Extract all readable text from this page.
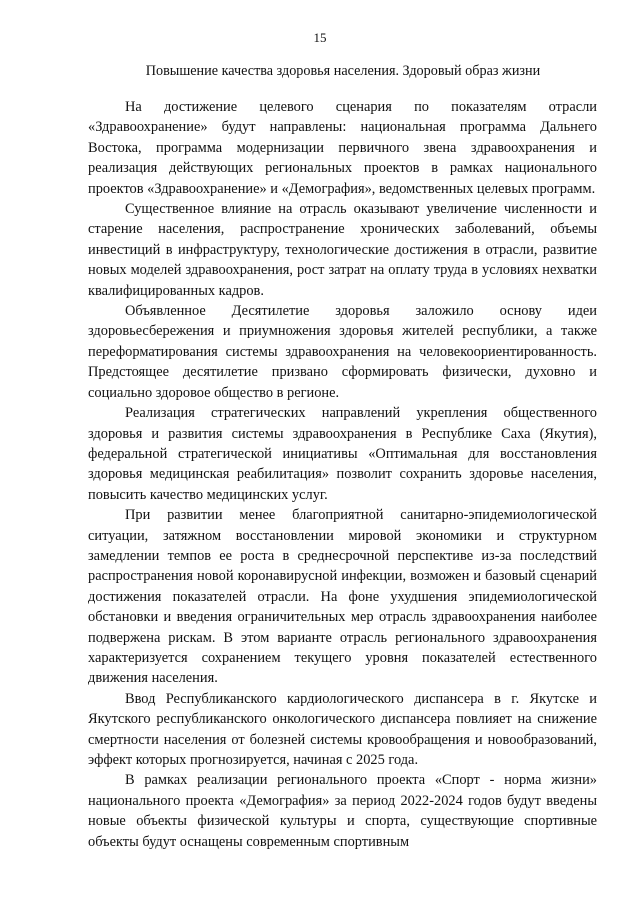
15
Повышение качества здоровья населения. Здоровый образ жизни

На достижение целевого сценария по показателям отрасли «Здравоохранение» будут направлены: национальная программа Дальнего Востока, программа модернизации первичного звена здравоохранения и реализация действующих региональных проектов в рамках национального проектов «Здравоохранение» и «Демография», ведомственных целевых программ.

Существенное влияние на отрасль оказывают увеличение численности и старение населения, распространение хронических заболеваний, объемы инвестиций в инфраструктуру, технологические достижения в отрасли, развитие новых моделей здравоохранения, рост затрат на оплату труда в условиях нехватки квалифицированных кадров.

Объявленное Десятилетие здоровья заложило основу идеи здоровьесбережения и приумножения здоровья жителей республики, а также переформатирования системы здравоохранения на человекоориентированность. Предстоящее десятилетие призвано сформировать физически, духовно и социально здоровое общество в регионе.

Реализация стратегических направлений укрепления общественного здоровья и развития системы здравоохранения в Республике Саха (Якутия), федеральной стратегической инициативы «Оптимальная для восстановления здоровья медицинская реабилитация» позволит сохранить здоровье населения, повысить качество медицинских услуг.

При развитии менее благоприятной санитарно-эпидемиологической ситуации, затяжном восстановлении мировой экономики и структурном замедлении темпов ее роста в среднесрочной перспективе из-за последствий распространения новой коронавирусной инфекции, возможен и базовый сценарий достижения показателей отрасли. На фоне ухудшения эпидемиологической обстановки и введения ограничительных мер отрасль здравоохранения наиболее подвержена рискам. В этом варианте отрасль регионального здравоохранения характеризуется сохранением текущего уровня показателей естественного движения населения.

Ввод Республиканского кардиологического диспансера в г. Якутске и Якутского республиканского онкологического диспансера повлияет на снижение смертности населения от болезней системы кровообращения и новообразований, эффект которых прогнозируется, начиная с 2025 года.

В рамках реализации регионального проекта «Спорт - норма жизни» национального проекта «Демография» за период 2022-2024 годов будут введены новые объекты физической культуры и спорта, существующие спортивные объекты будут оснащены современным спортивным
